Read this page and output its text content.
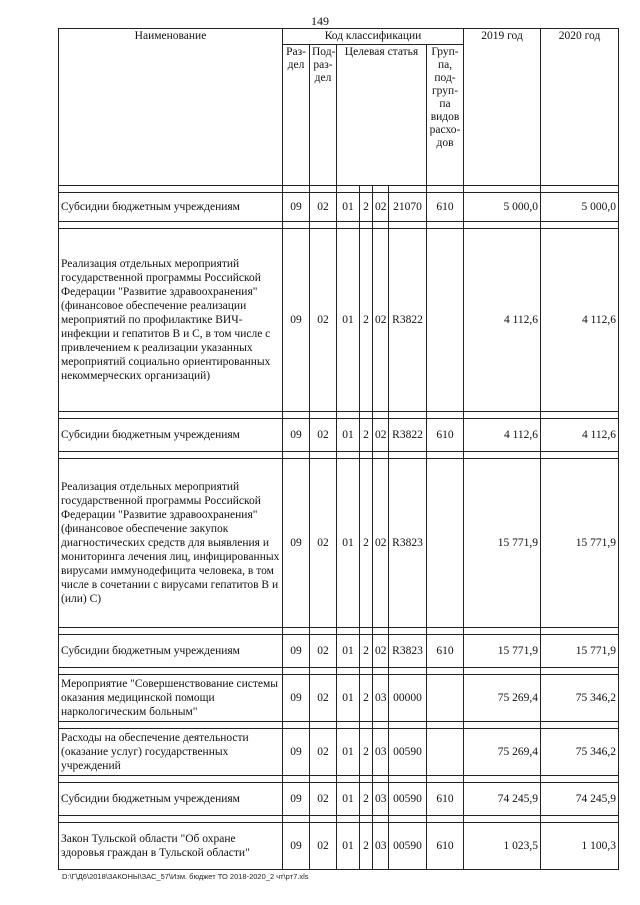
149
Наименование	Код классификации							2019 год	2020 год
	Раз-дел	Под-раз-дел	Целевая статья				Груп-па, под-груп-па видов расхо-дов		

Субсидии бюджетным учреждениям	09	02	01	2	02	21070	610	5 000,0	5 000,0

Реализация отдельных мероприятий государственной программы Российской Федерации "Развитие здравоохранения" (финансовое обеспечение реализации мероприятий по профилактике ВИЧ-инфекции и гепатитов В и С, в том числе с привлечением к реализации указанных мероприятий социально ориентированных некоммерческих организаций)	09	02	01	2	02	R3822		4 112,6	4 112,6

Субсидии бюджетным учреждениям	09	02	01	2	02	R3822	610	4 112,6	4 112,6

Реализация отдельных мероприятий государственной программы Российской Федерации "Развитие здравоохранения" (финансовое обеспечение закупок диагностических средств для выявления и мониторинга лечения лиц, инфицированных вирусами иммунодефицита человека, в том числе в сочетании с вирусами гепатитов В и (или) С)	09	02	01	2	02	R3823		15 771,9	15 771,9

Субсидии бюджетным учреждениям	09	02	01	2	02	R3823	610	15 771,9	15 771,9

Мероприятие "Совершенствование системы оказания медицинской помощи наркологическим больным"	09	02	01	2	03	00000		75 269,4	75 346,2

Расходы на обеспечение деятельности (оказание услуг) государственных учреждений	09	02	01	2	03	00590		75 269,4	75 346,2

Субсидии бюджетным учреждениям	09	02	01	2	03	00590	610	74 245,9	74 245,9

Закон Тульской области "Об охране здоровья граждан в Тульской области"	09	02	01	2	03	00590	610	1 023,5	1 100,3
D:\Г\Д6\2018\ЗАКОНЫ\ЗАС_57\Изм. бюджет ТО 2018-2020_2 чт\рт7.xls
